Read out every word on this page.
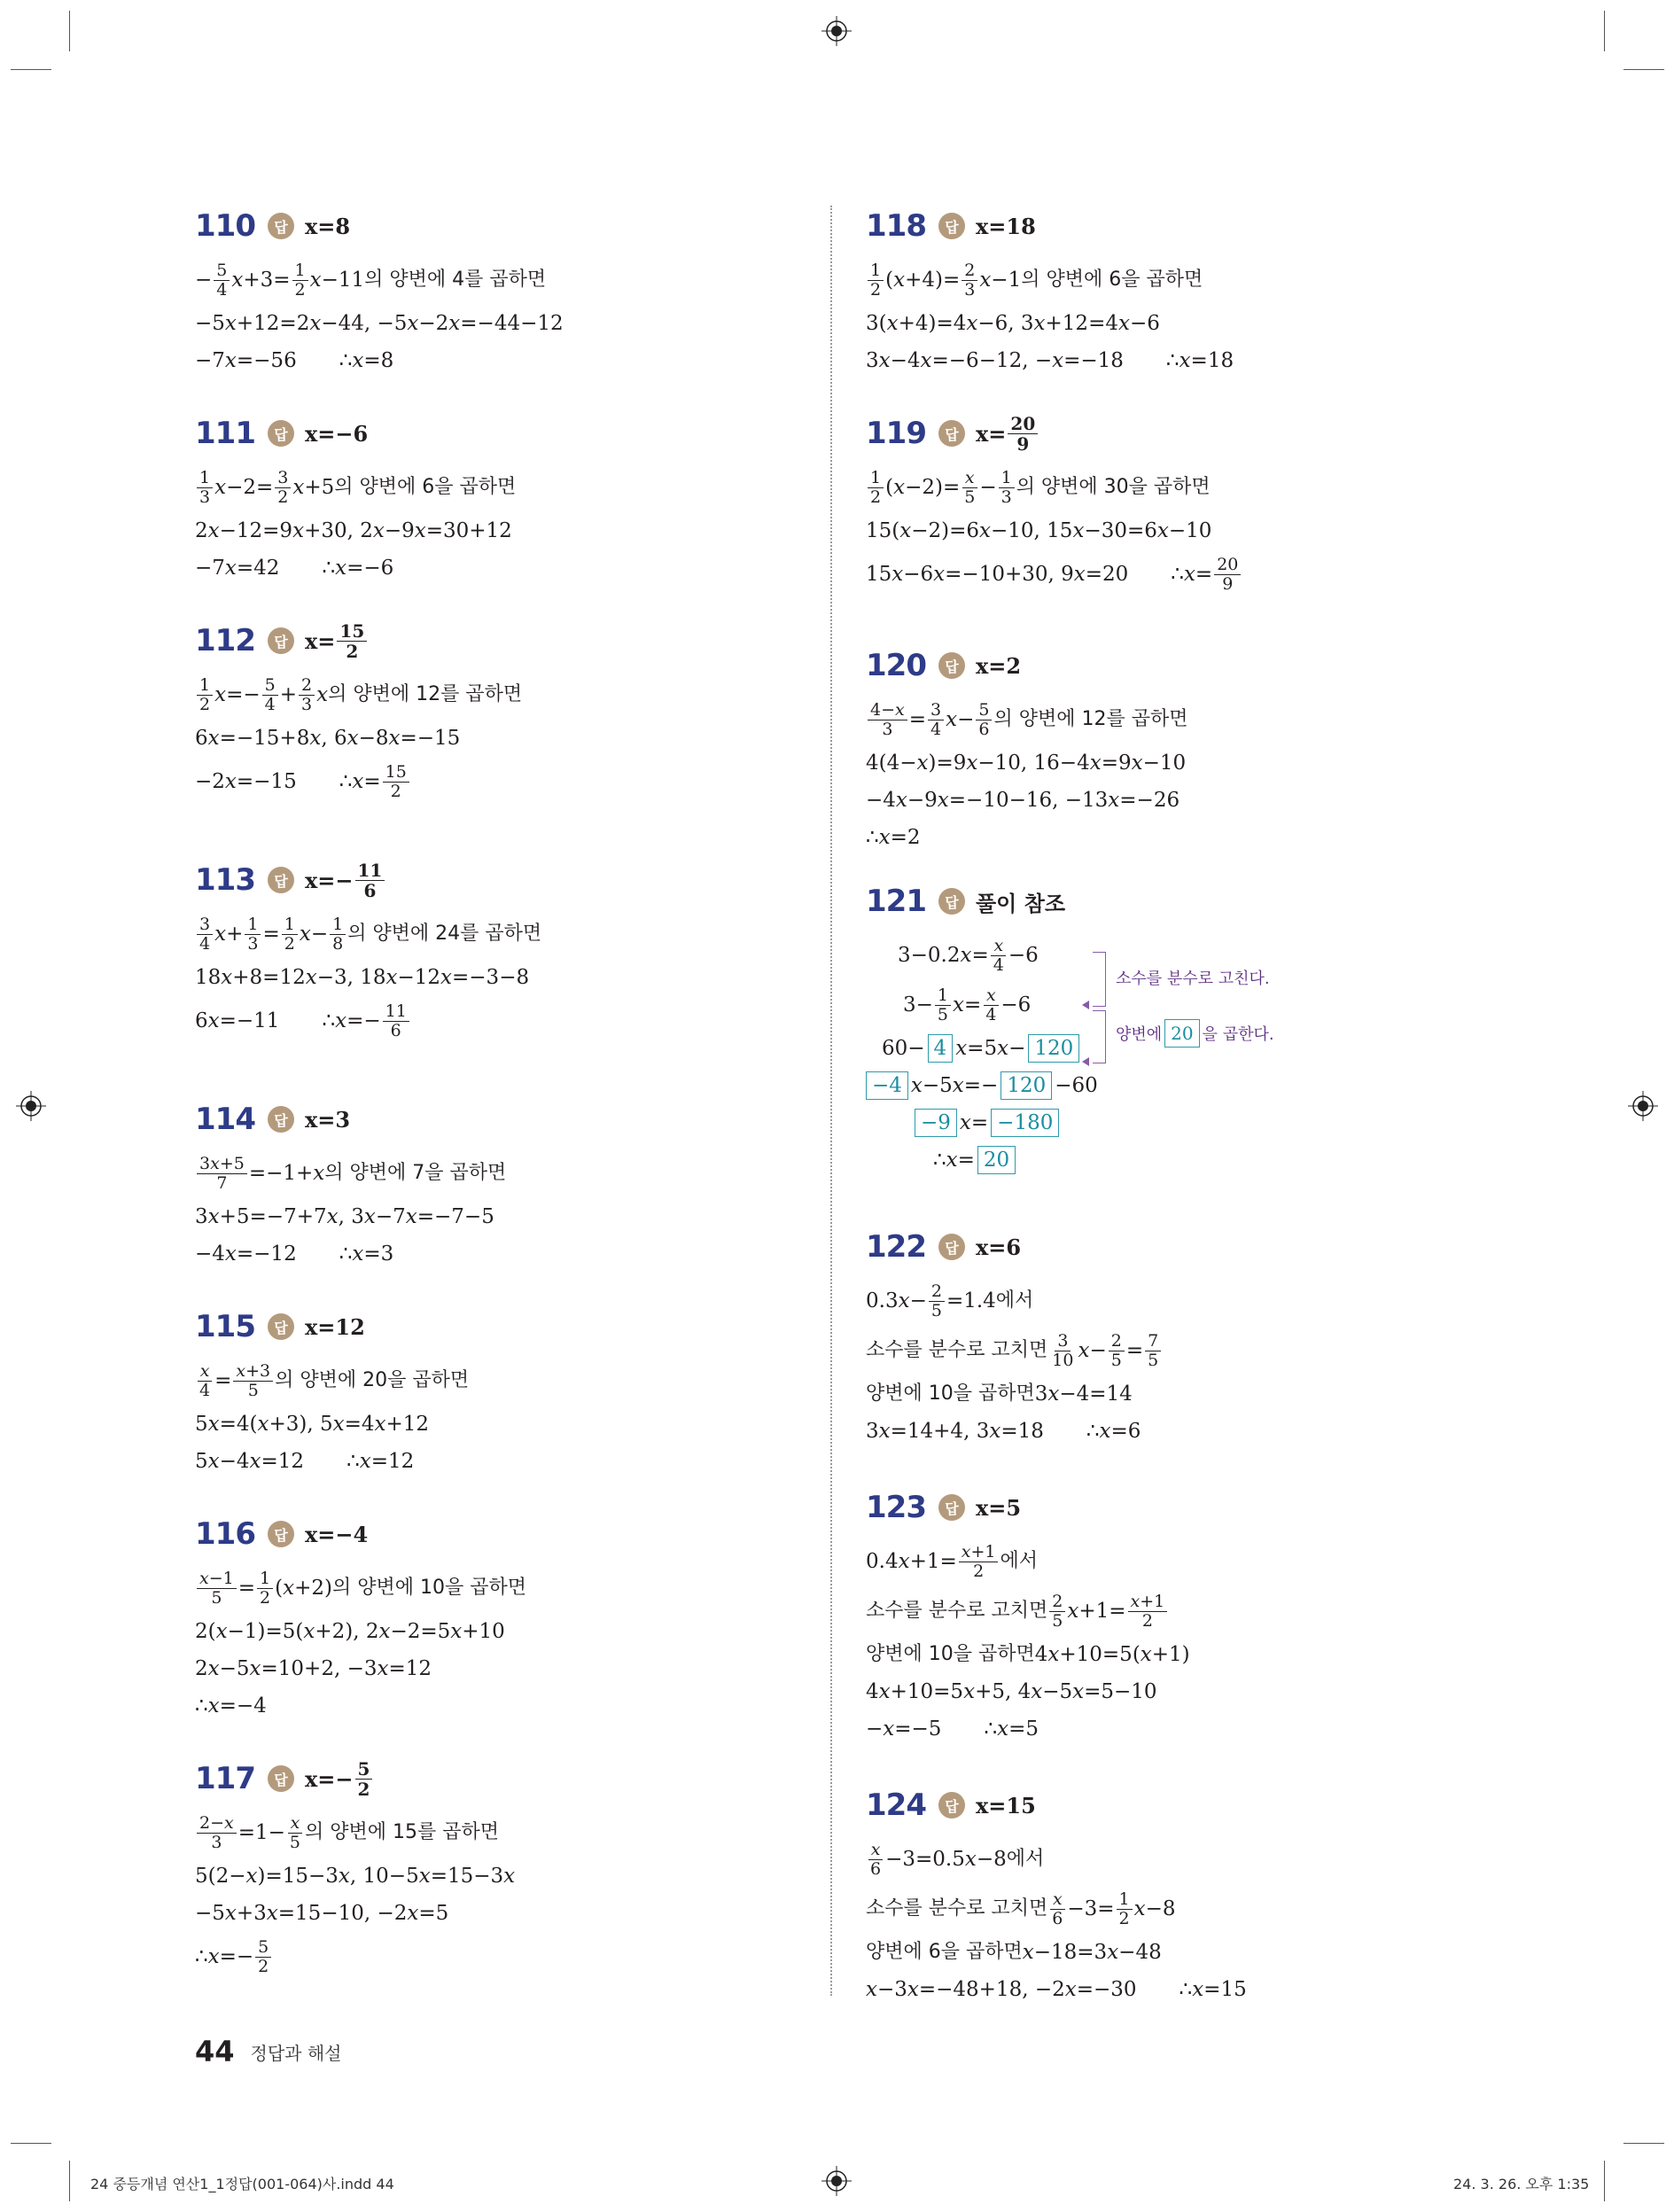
110	답 x=8
− $\frac{5}{4}$ $x +3= \frac{1}{2}$ x −11 의 양변에 4를 곱하면
−5 x +12=2 x −44, −5 x −2 x =−44−12
−7 x =−56 ∴ x =8
111	답 x=−6
$\frac{1}{3}$ $x -2= \frac{3}{2}$ x +5 의 양변에 6을 곱하면
2 x −12=9 x +30, 2 x −9 x =30+12
−7 x =42 ∴ x =−6
112	답 $x= \frac{15}{2}$
$\frac{1}{2}$ $x =- \frac{5}{4} + \frac{2}{3}$ x 의 양변에 12를 곱하면
6 x =−15+8 x , 6 x −8 x =−15
−2 x =−15 ∴ $x = \frac{15}{2}$
113	답 $x=- \frac{11}{6}$
$\frac{3}{4}$ $x + \frac{1}{3} = \frac{1}{2}$ $x - \frac{1}{8}$ 의 양변에 24를 곱하면
18 x +8=12 x −3, 18 x −12 x =−3−8
6 x =−11 ∴ $x =- \frac{11}{6}$
114	답 x=3
$\frac{3x+5}{7} =-1+ x$ 의 양변에 7을 곱하면
3 x +5=−7+7 x , 3 x −7 x =−7−5
−4 x =−12 ∴ x =3
115	답 x=12
$\frac{x}{4} = \frac{x+3}{5}$ 의 양변에 20을 곱하면
5 x =4( x +3), 5 x =4 x +12
5 x −4 x =12 ∴ x =12
116	답 x=−4
$\frac{x-1}{5} = \frac{1}{2}$ ( x +2) 의 양변에 10을 곱하면
2( x −1)=5( x +2), 2 x −2=5 x +10
2 x −5 x =10+2, −3 x =12
∴ x =−4
117	답 $x=- \frac{5}{2}$
$\frac{2-x}{3} =1- \frac{x}{5}$ 의 양변에 15를 곱하면
5(2− x )=15−3 x , 10−5 x =15−3 x
−5 x +3 x =15−10, −2 x =5
∴ $x =- \frac{5}{2}$
118	답 x=18
$\frac{1}{2}$ ( $x +4)= \frac{2}{3}$ x −1 의 양변에 6을 곱하면
3( x +4)=4 x −6, 3 x +12=4 x −6
3 x −4 x =−6−12, − x =−18 ∴ x =18
119	답 $x= \frac{20}{9}$
$\frac{1}{2}$ ( $x -2)= \frac{x}{5} - \frac{1}{3}$ 의 양변에 30을 곱하면
15( x −2)=6 x −10, 15 x −30=6 x −10
15 x −6 x =−10+30, 9 x =20 ∴ $x = \frac{20}{9}$
120	답 x=2
$\frac{4-x}{3} = \frac{3}{4}$ $x - \frac{5}{6}$ 의 양변에 12를 곱하면
4(4− x )=9 x −10, 16−4 x =9 x −10
−4 x −9 x =−10−16, −13 x =−26
∴ x =2
121	답 풀이 참조
3−0.2 $x = \frac{x}{4} -6$
$3- \frac{1}{5}$ $x = \frac{x}{4} -6$
60− 4 x =5 x − 120
−4 x −5 x =− 120 −60
−9 x = −180
∴ x = 20
소수를 분수로 고친다.
양변에 20 을 곱한다.
122	답 x=6
0.3 $x - \frac{2}{5} =1.4$ 에서
소수를 분수로 고치면 $\frac{3}{10}$ $x - \frac{2}{5} = \frac{7}{5}$
양변에 10을 곱하면 3 x −4=14
3 x =14+4, 3 x =18 ∴ x =6
123	답 x=5
0.4 $x +1= \frac{x+1}{2}$ 에서
소수를 분수로 고치면 $\frac{2}{5}$ $x +1= \frac{x+1}{2}$
양변에 10을 곱하면 4 x +10=5( x +1)
4 x +10=5 x +5, 4 x −5 x =5−10
− x =−5 ∴ x =5
124	답 x=15
$\frac{x}{6} -3=0.5$ x −8 에서
소수를 분수로 고치면 $\frac{x}{6} -3= \frac{1}{2}$ x −8
양변에 6을 곱하면 x −18=3 x −48
x −3 x =−48+18, −2 x =−30 ∴ x =15
44 정답과 해설
24 중등개념 연산1_1정답(001-064)사.indd 44	24. 3. 26. 오후 1:35
